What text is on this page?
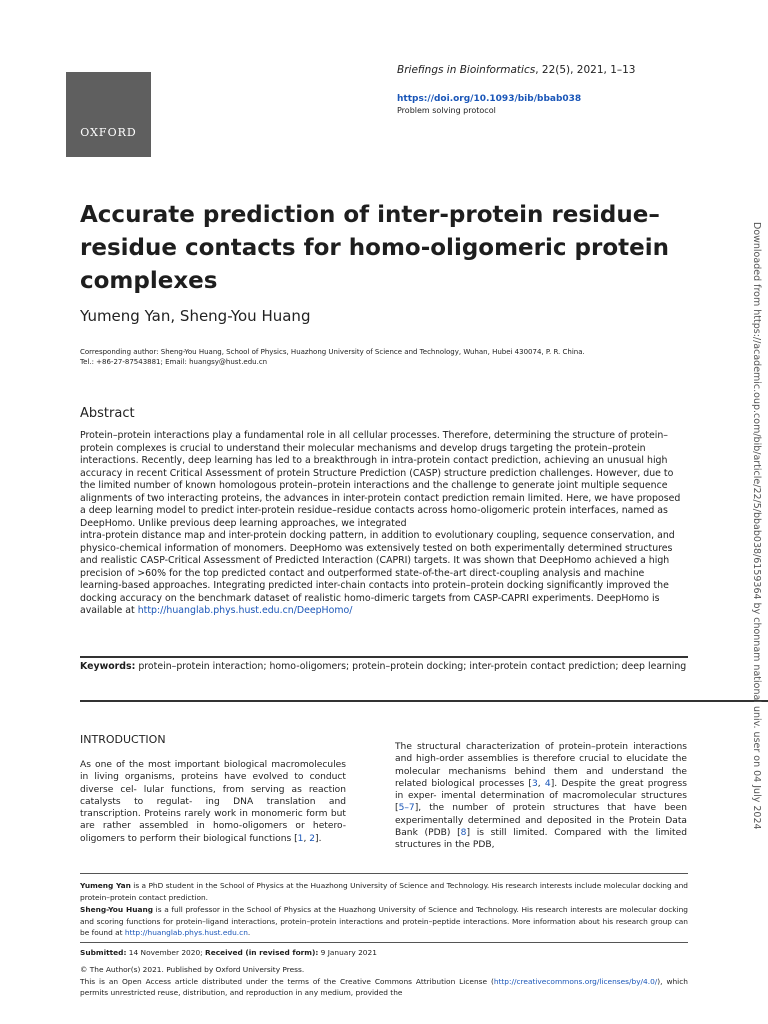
OXFORD
Briefings in Bioinformatics, 22(5), 2021, 1–13
https://doi.org/10.1093/bib/bbab038
Problem solving protocol
Accurate prediction of inter-protein residue–residue contacts for homo-oligomeric protein complexes
Yumeng Yan, Sheng-You Huang
Corresponding author: Sheng-You Huang, School of Physics, Huazhong University of Science and Technology, Wuhan, Hubei 430074, P. R. China.
Tel.: +86-27-87543881; Email: huangsy@hust.edu.cn
Abstract

Protein–protein interactions play a fundamental role in all cellular processes. Therefore, determining the structure of protein–protein complexes is crucial to understand their molecular mechanisms and develop drugs targeting the protein–protein interactions. Recently, deep learning has led to a breakthrough in intra-protein contact prediction, achieving an unusual high accuracy in recent Critical Assessment of protein Structure Prediction (CASP) structure prediction challenges. However, due to the limited number of known homologous protein–protein interactions and the challenge to generate joint multiple sequence alignments of two interacting proteins, the advances in inter-protein contact prediction remain limited. Here, we have proposed a deep learning model to predict inter-protein residue–residue contacts across homo-oligomeric protein interfaces, named as DeepHomo. Unlike previous deep learning approaches, we integrated

intra-protein distance map and inter-protein docking pattern, in addition to evolutionary coupling, sequence conservation, and physico-chemical information of monomers. DeepHomo was extensively tested on both experimentally determined structures and realistic CASP-Critical Assessment of Predicted Interaction (CAPRI) targets. It was shown that DeepHomo achieved a high precision of >60% for the top predicted contact and outperformed state-of-the-art direct-coupling analysis and machine learning-based approaches. Integrating predicted inter-chain contacts into protein–protein docking significantly improved the docking accuracy on the benchmark dataset of realistic homo-dimeric targets from CASP-CAPRI experiments. DeepHomo is available at http://huanglab.phys.hust.edu.cn/DeepHomo/

Keywords: protein–protein interaction; homo-oligomers; protein–protein docking; inter-protein contact prediction; deep learning
INTRODUCTION
As one of the most important biological macromolecules in living organisms, proteins have evolved to conduct diverse cel- lular functions, from serving as reaction catalysts to regulat- ing DNA translation and transcription. Proteins rarely work in monomeric form but are rather assembled in homo-oligomers or hetero-oligomers to perform their biological functions [1, 2].
The structural characterization of protein–protein interactions and high-order assemblies is therefore crucial to elucidate the molecular mechanisms behind them and understand the related biological processes [3, 4]. Despite the great progress in exper- imental determination of macromolecular structures [5–7], the number of protein structures that have been experimentally determined and deposited in the Protein Data Bank (PDB) [8] is still limited. Compared with the limited structures in the PDB,

Yumeng Yan is a PhD student in the School of Physics at the Huazhong University of Science and Technology. His research interests include molecular docking and protein–protein contact prediction.

Sheng-You Huang is a full professor in the School of Physics at the Huazhong University of Science and Technology. His research interests are molecular docking and scoring functions for protein–ligand interactions, protein–protein interactions and protein–peptide interactions. More information about his research group can be found at http://huanglab.phys.hust.edu.cn.

Submitted: 14 November 2020; Received (in revised form): 9 January 2021

© The Author(s) 2021. Published by Oxford University Press.

This is an Open Access article distributed under the terms of the Creative Commons Attribution License (http://creativecommons.org/licenses/by/4.0/), which permits unrestricted reuse, distribution, and reproduction in any medium, provided the

Downloaded from https://academic.oup.com/bib/article/22/5/bbab038/6159364 by chonnam national univ. user on 04 July 2024
